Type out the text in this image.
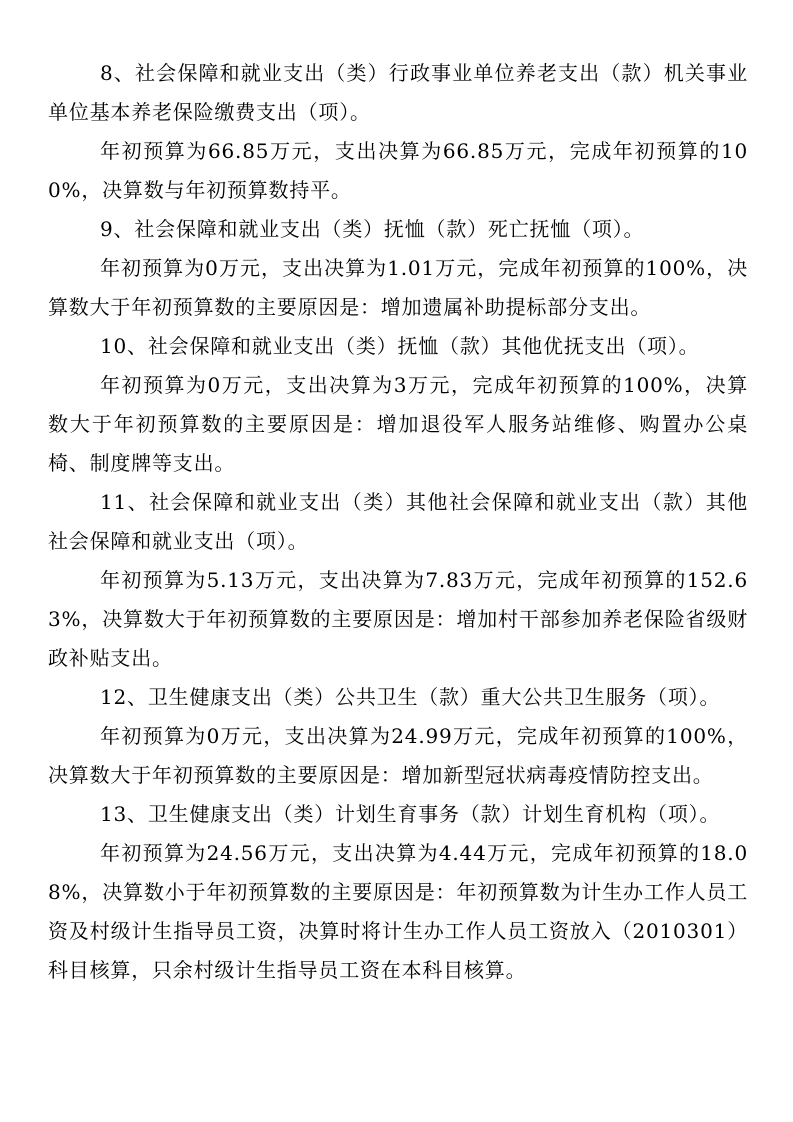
8、社会保障和就业支出（类）行政事业单位养老支出（款）机关事业单位基本养老保险缴费支出（项）。

年初预算为66.85万元，支出决算为66.85万元，完成年初预算的100%，决算数与年初预算数持平。

9、社会保障和就业支出（类）抚恤（款）死亡抚恤（项）。

年初预算为0万元，支出决算为1.01万元，完成年初预算的100%，决算数大于年初预算数的主要原因是：增加遗属补助提标部分支出。

10、社会保障和就业支出（类）抚恤（款）其他优抚支出（项）。

年初预算为0万元，支出决算为3万元，完成年初预算的100%，决算数大于年初预算数的主要原因是：增加退役军人服务站维修、购置办公桌椅、制度牌等支出。

11、社会保障和就业支出（类）其他社会保障和就业支出（款）其他社会保障和就业支出（项）。

年初预算为5.13万元，支出决算为7.83万元，完成年初预算的152.63%，决算数大于年初预算数的主要原因是：增加村干部参加养老保险省级财政补贴支出。

12、卫生健康支出（类）公共卫生（款）重大公共卫生服务（项）。

年初预算为0万元，支出决算为24.99万元，完成年初预算的100%，决算数大于年初预算数的主要原因是：增加新型冠状病毒疫情防控支出。

13、卫生健康支出（类）计划生育事务（款）计划生育机构（项）。

年初预算为24.56万元，支出决算为4.44万元，完成年初预算的18.08%，决算数小于年初预算数的主要原因是：年初预算数为计生办工作人员工资及村级计生指导员工资，决算时将计生办工作人员工资放入（2010301）科目核算，只余村级计生指导员工资在本科目核算。
